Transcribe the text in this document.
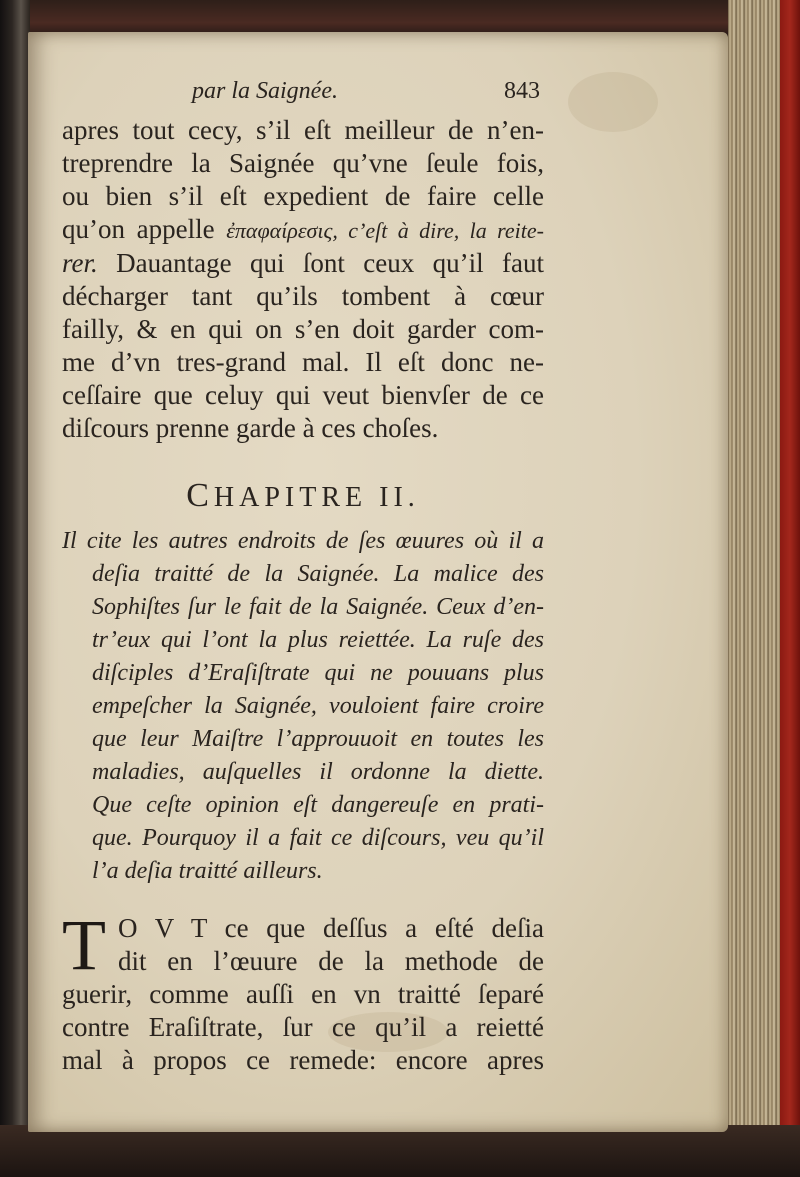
par la Saignée.	843

apres tout cecy, s’il eſt meilleur de n’en-

treprendre la Saignée qu’vne ſeule fois,

ou bien s’il eſt expedient de faire celle

qu’on appelle ἐπαφαίρεσις, c’eſt à dire, la reite-

rer. Dauantage qui ſont ceux qu’il faut

décharger tant qu’ils tombent à cœur

failly, & en qui on s’en doit garder com-

me d’vn tres-grand mal. Il eſt donc ne-

ceſſaire que celuy qui veut bienvſer de ce

diſcours prenne garde à ces choſes.

CHAPITRE II.

Il cite les autres endroits de ſes œuures où il a

deſia traitté de la Saignée. La malice des

Sophiſtes ſur le fait de la Saignée. Ceux d’en-

tr’eux qui l’ont la plus reiettée. La ruſe des

diſciples d’Eraſiſtrate qui ne pouuans plus

empeſcher la Saignée, vouloient faire croire

que leur Maiſtre l’approuuoit en toutes les

maladies, auſquelles il ordonne la diette.

Que ceſte opinion eſt dangereuſe en prati-

que. Pourquoy il a fait ce diſcours, veu qu’il

l’a deſia traitté ailleurs.

T O V T ce que deſſus a eſté deſia

dit en l’œuure de la methode de

guerir, comme auſſi en vn traitté ſeparé

contre Eraſiſtrate, ſur ce qu’il a reietté

mal à propos ce remede: encore apres
